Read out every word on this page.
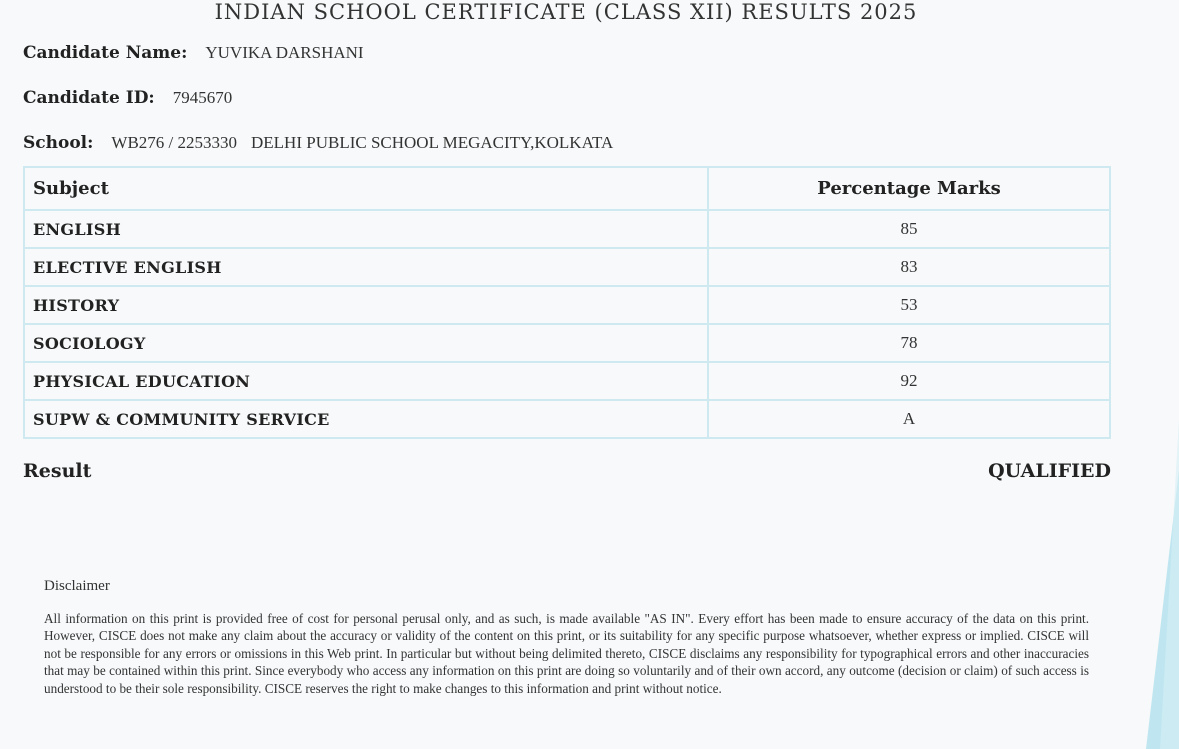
INDIAN SCHOOL CERTIFICATE (CLASS XII) RESULTS 2025
Candidate Name: YUVIKA DARSHANI
Candidate ID: 7945670
School: WB276 / 2253330 DELHI PUBLIC SCHOOL MEGACITY,KOLKATA
Subject	Percentage Marks
ENGLISH	85
ELECTIVE ENGLISH	83
HISTORY	53
SOCIOLOGY	78
PHYSICAL EDUCATION	92
SUPW & COMMUNITY SERVICE	A
Result	QUALIFIED
Disclaimer
All information on this print is provided free of cost for personal perusal only, and as such, is made available "AS IN". Every effort has been made to ensure accuracy of the data on this print. However, CISCE does not make any claim about the accuracy or validity of the content on this print, or its suitability for any specific purpose whatsoever, whether express or implied. CISCE will not be responsible for any errors or omissions in this Web print. In particular but without being delimited thereto, CISCE disclaims any responsibility for typographical errors and other inaccuracies that may be contained within this print. Since everybody who access any information on this print are doing so voluntarily and of their own accord, any outcome (decision or claim) of such access is understood to be their sole responsibility. CISCE reserves the right to make changes to this information and print without notice.
